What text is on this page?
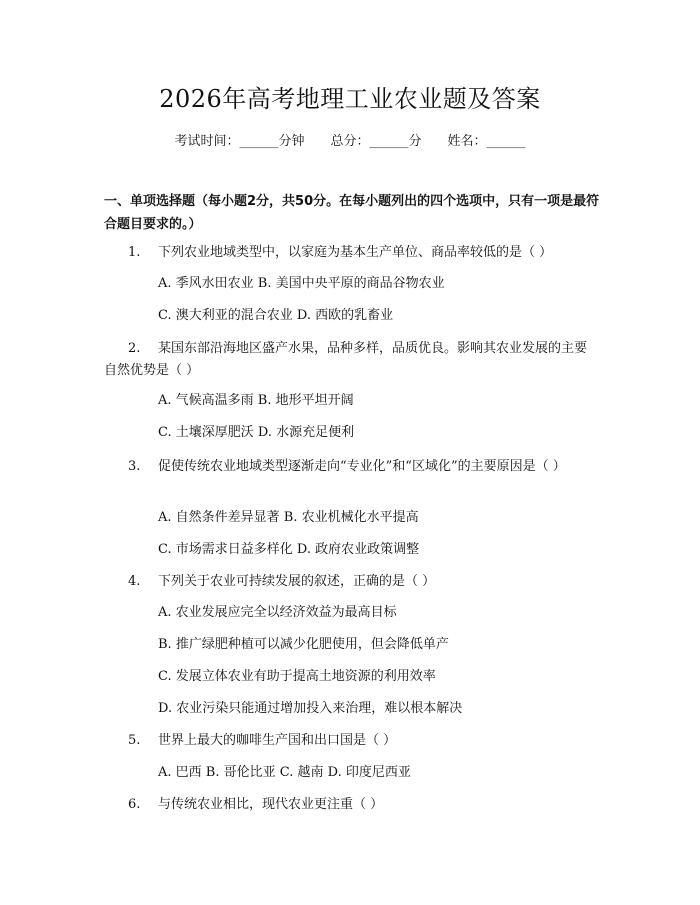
2026年高考地理工业农业题及答案
考试时间：______分钟 总分：______分 姓名：______
一、单项选择题（每小题2分，共50分。在每小题列出的四个选项中，只有一项是最符合题目要求的。）
1. 下列农业地域类型中，以家庭为基本生产单位、商品率较低的是（ ）
A. 季风水田农业 B. 美国中央平原的商品谷物农业
C. 澳大利亚的混合农业 D. 西欧的乳畜业
2. 某国东部沿海地区盛产水果，品种多样，品质优良。影响其农业发展的主要自然优势是（ ）
A. 气候高温多雨 B. 地形平坦开阔
C. 土壤深厚肥沃 D. 水源充足便利
3. 促使传统农业地域类型逐渐走向“专业化”和“区域化”的主要原因是（ ）
A. 自然条件差异显著 B. 农业机械化水平提高
C. 市场需求日益多样化 D. 政府农业政策调整
4. 下列关于农业可持续发展的叙述，正确的是（ ）
A. 农业发展应完全以经济效益为最高目标
B. 推广绿肥种植可以减少化肥使用，但会降低单产
C. 发展立体农业有助于提高土地资源的利用效率
D. 农业污染只能通过增加投入来治理，难以根本解决
5. 世界上最大的咖啡生产国和出口国是（ ）
A. 巴西 B. 哥伦比亚 C. 越南 D. 印度尼西亚
6. 与传统农业相比，现代农业更注重（ ）
